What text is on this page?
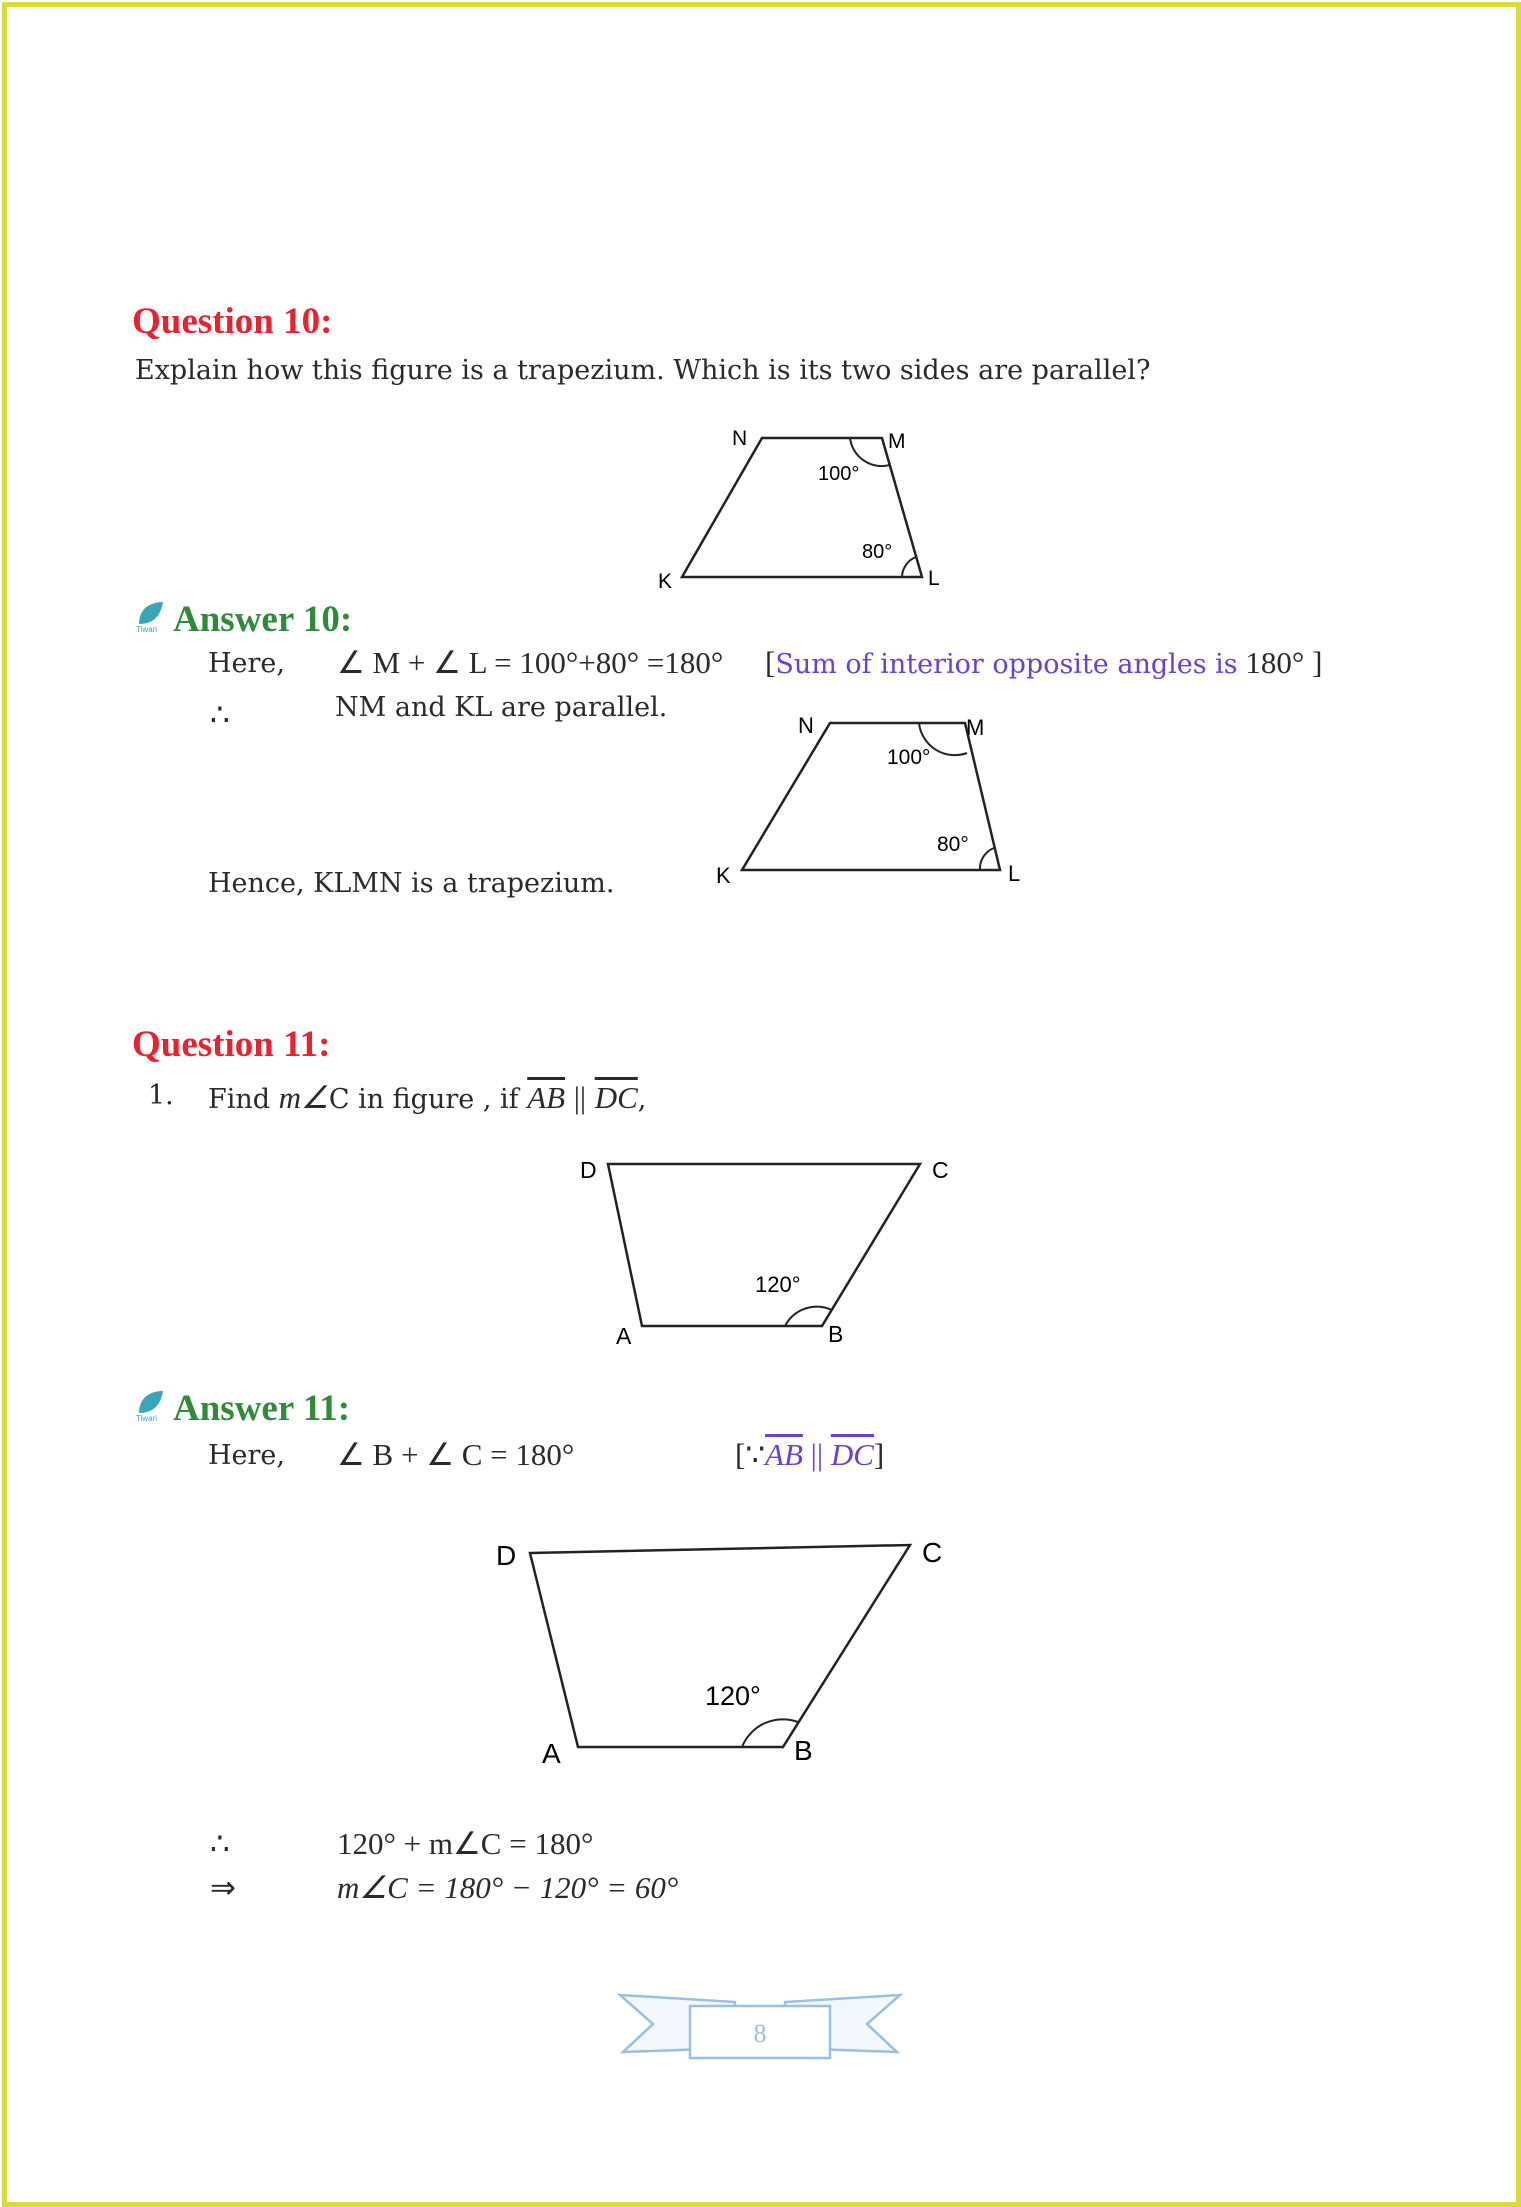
Question 10:
Explain how this figure is a trapezium. Which is its two sides are parallel?
N	M
K	L
100°
80°
Tiwari Answer 10:
Here, ∠ M + ∠ L = 100°+80° =180° [Sum of interior opposite angles is 180° ]
∴	NM and KL are parallel.
Hence, KLMN is a trapezium.
N	M
K	L
100°
80°
Question 11:
1. Find m∠C in figure , if $\overline{AB}$ || $\overline{DC}$,
D	C
A	B
120°
Tiwari Answer 11:
Here, ∠ B + ∠ C = 180°	[$\because\overline{AB}$ || $\overline{DC}$]
D	C
A	B
120°
∴	120° + m∠C = 180°
⇒	m∠C = 180° − 120° = 60°
8
